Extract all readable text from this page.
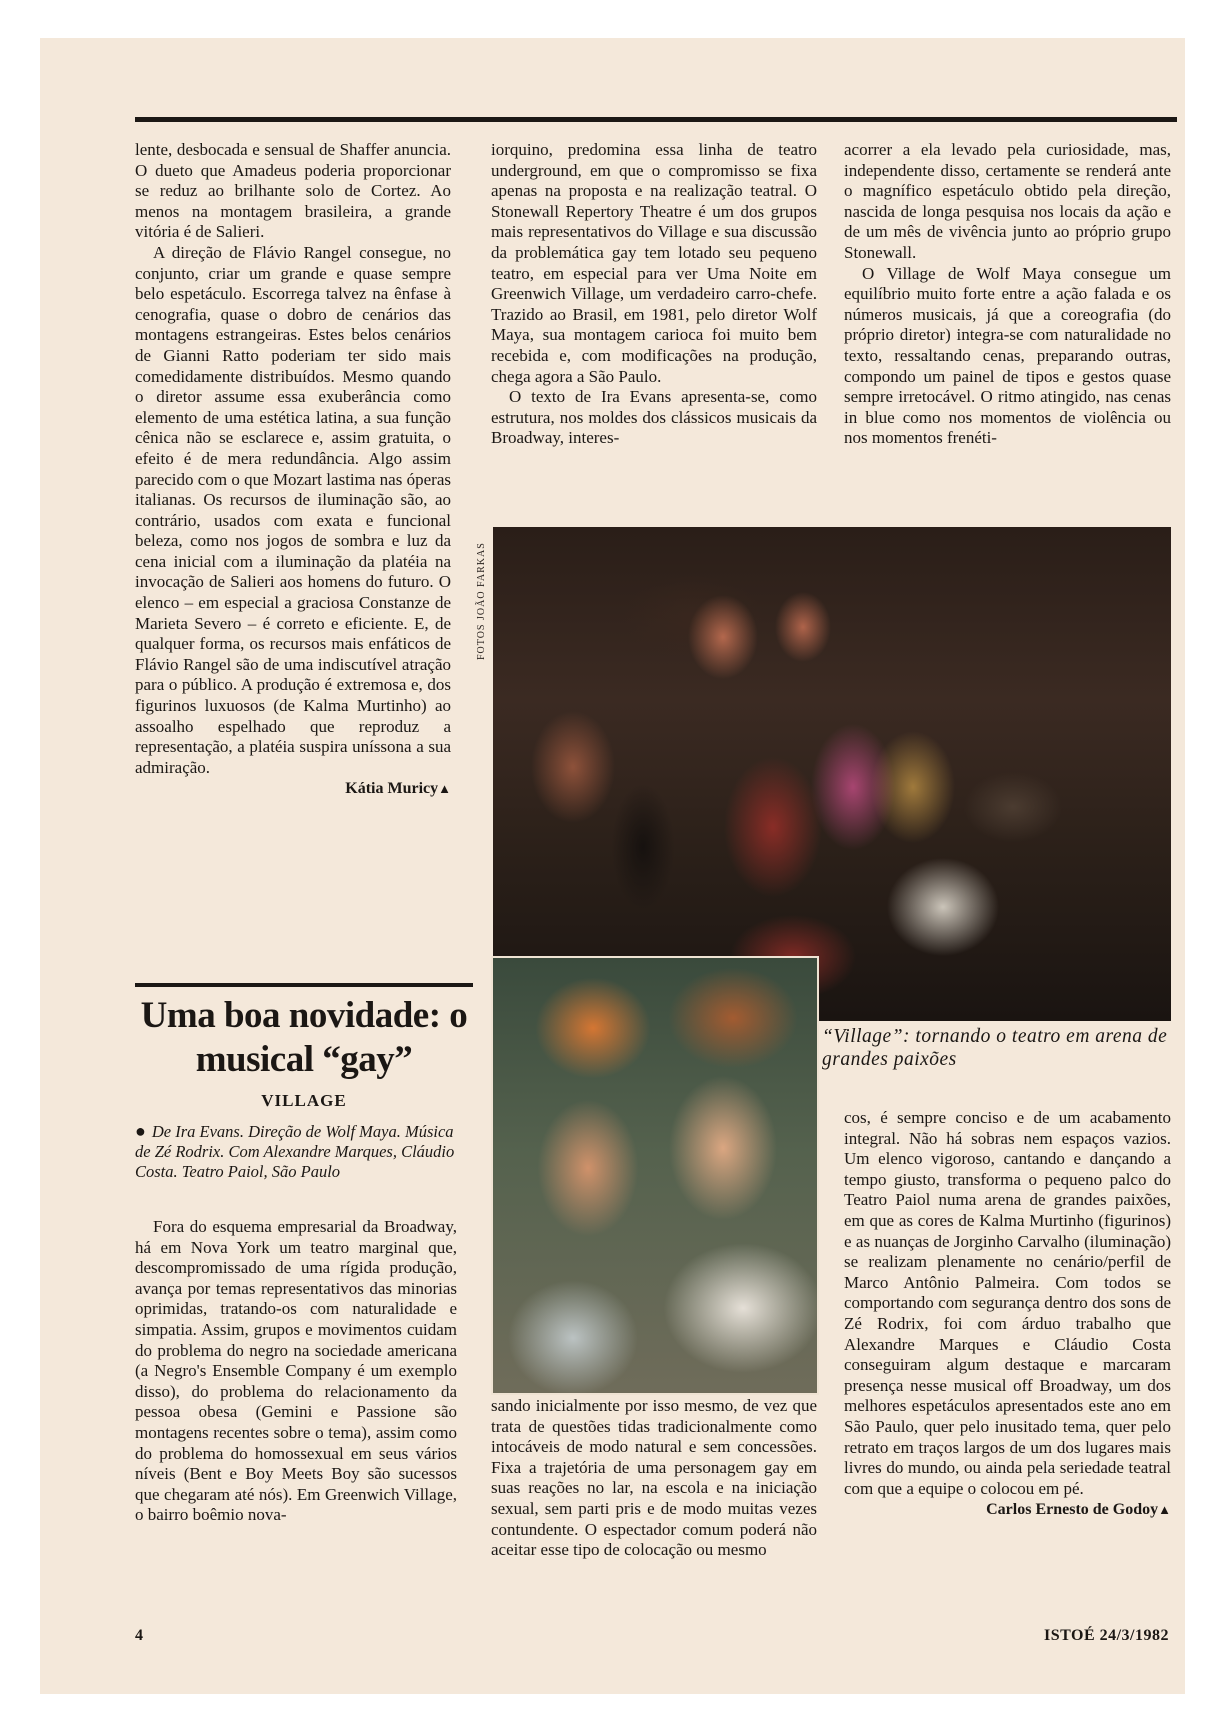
lente, desbocada e sensual de Shaffer anuncia. O dueto que Amadeus poderia proporcionar se reduz ao brilhante solo de Cortez. Ao menos na montagem brasileira, a grande vitória é de Salieri.

A direção de Flávio Rangel consegue, no conjunto, criar um grande e quase sempre belo espetáculo. Escorrega talvez na ênfase à cenografia, quase o dobro de cenários das montagens estrangeiras. Estes belos cenários de Gianni Ratto poderiam ter sido mais comedidamente distribuídos. Mesmo quando o diretor assume essa exuberância como elemento de uma estética latina, a sua função cênica não se esclarece e, assim gratuita, o efeito é de mera redundância. Algo assim parecido com o que Mozart lastima nas óperas italianas. Os recursos de iluminação são, ao contrário, usados com exata e funcional beleza, como nos jogos de sombra e luz da cena inicial com a iluminação da platéia na invocação de Salieri aos homens do futuro. O elenco – em especial a graciosa Constanze de Marieta Severo – é correto e eficiente. E, de qualquer forma, os recursos mais enfáticos de Flávio Rangel são de uma indiscutível atração para o público. A produção é extremosa e, dos figurinos luxuosos (de Kalma Murtinho) ao assoalho espelhado que reproduz a representação, a platéia suspira uníssona a sua admiração.

Kátia Muricy▲
Uma boa novidade: o musical “gay”
VILLAGE
● De Ira Evans. Direção de Wolf Maya. Música de Zé Rodrix. Com Alexandre Marques, Cláudio Costa. Teatro Paiol, São Paulo

Fora do esquema empresarial da Broadway, há em Nova York um teatro marginal que, descompromissado de uma rígida produção, avança por temas representativos das minorias oprimidas, tratando-os com naturalidade e simpatia. Assim, grupos e movimentos cuidam do problema do negro na sociedade americana (a Negro's Ensemble Company é um exemplo disso), do problema do relacionamento da pessoa obesa (Gemini e Passione são montagens recentes sobre o tema), assim como do problema do homossexual em seus vários níveis (Bent e Boy Meets Boy são sucessos que chegaram até nós). Em Greenwich Village, o bairro boêmio nova-

iorquino, predomina essa linha de teatro underground, em que o compromisso se fixa apenas na proposta e na realização teatral. O Stonewall Repertory Theatre é um dos grupos mais representativos do Village e sua discussão da problemática gay tem lotado seu pequeno teatro, em especial para ver Uma Noite em Greenwich Village, um verdadeiro carro-chefe. Trazido ao Brasil, em 1981, pelo diretor Wolf Maya, sua montagem carioca foi muito bem recebida e, com modificações na produção, chega agora a São Paulo.

O texto de Ira Evans apresenta-se, como estrutura, nos moldes dos clássicos musicais da Broadway, interes-

acorrer a ela levado pela curiosidade, mas, independente disso, certamente se renderá ante o magnífico espetáculo obtido pela direção, nascida de longa pesquisa nos locais da ação e de um mês de vivência junto ao próprio grupo Stonewall.

O Village de Wolf Maya consegue um equilíbrio muito forte entre a ação falada e os números musicais, já que a coreografia (do próprio diretor) integra-se com naturalidade no texto, ressaltando cenas, preparando outras, compondo um painel de tipos e gestos quase sempre irretocável. O ritmo atingido, nas cenas in blue como nos momentos de violência ou nos momentos frenéti-

FOTOS JOÃO FARKAS
“Village”: tornando o teatro em arena de grandes paixões

sando inicialmente por isso mesmo, de vez que trata de questões tidas tradicionalmente como intocáveis de modo natural e sem concessões. Fixa a trajetória de uma personagem gay em suas reações no lar, na escola e na iniciação sexual, sem parti pris e de modo muitas vezes contundente. O espectador comum poderá não aceitar esse tipo de colocação ou mesmo

cos, é sempre conciso e de um acabamento integral. Não há sobras nem espaços vazios. Um elenco vigoroso, cantando e dançando a tempo giusto, transforma o pequeno palco do Teatro Paiol numa arena de grandes paixões, em que as cores de Kalma Murtinho (figurinos) e as nuanças de Jorginho Carvalho (iluminação) se realizam plenamente no cenário/perfil de Marco Antônio Palmeira. Com todos se comportando com segurança dentro dos sons de Zé Rodrix, foi com árduo trabalho que Alexandre Marques e Cláudio Costa conseguiram algum destaque e marcaram presença nesse musical off Broadway, um dos melhores espetáculos apresentados este ano em São Paulo, quer pelo inusitado tema, quer pelo retrato em traços largos de um dos lugares mais livres do mundo, ou ainda pela seriedade teatral com que a equipe o colocou em pé.

Carlos Ernesto de Godoy▲
4	ISTOÉ 24/3/1982
